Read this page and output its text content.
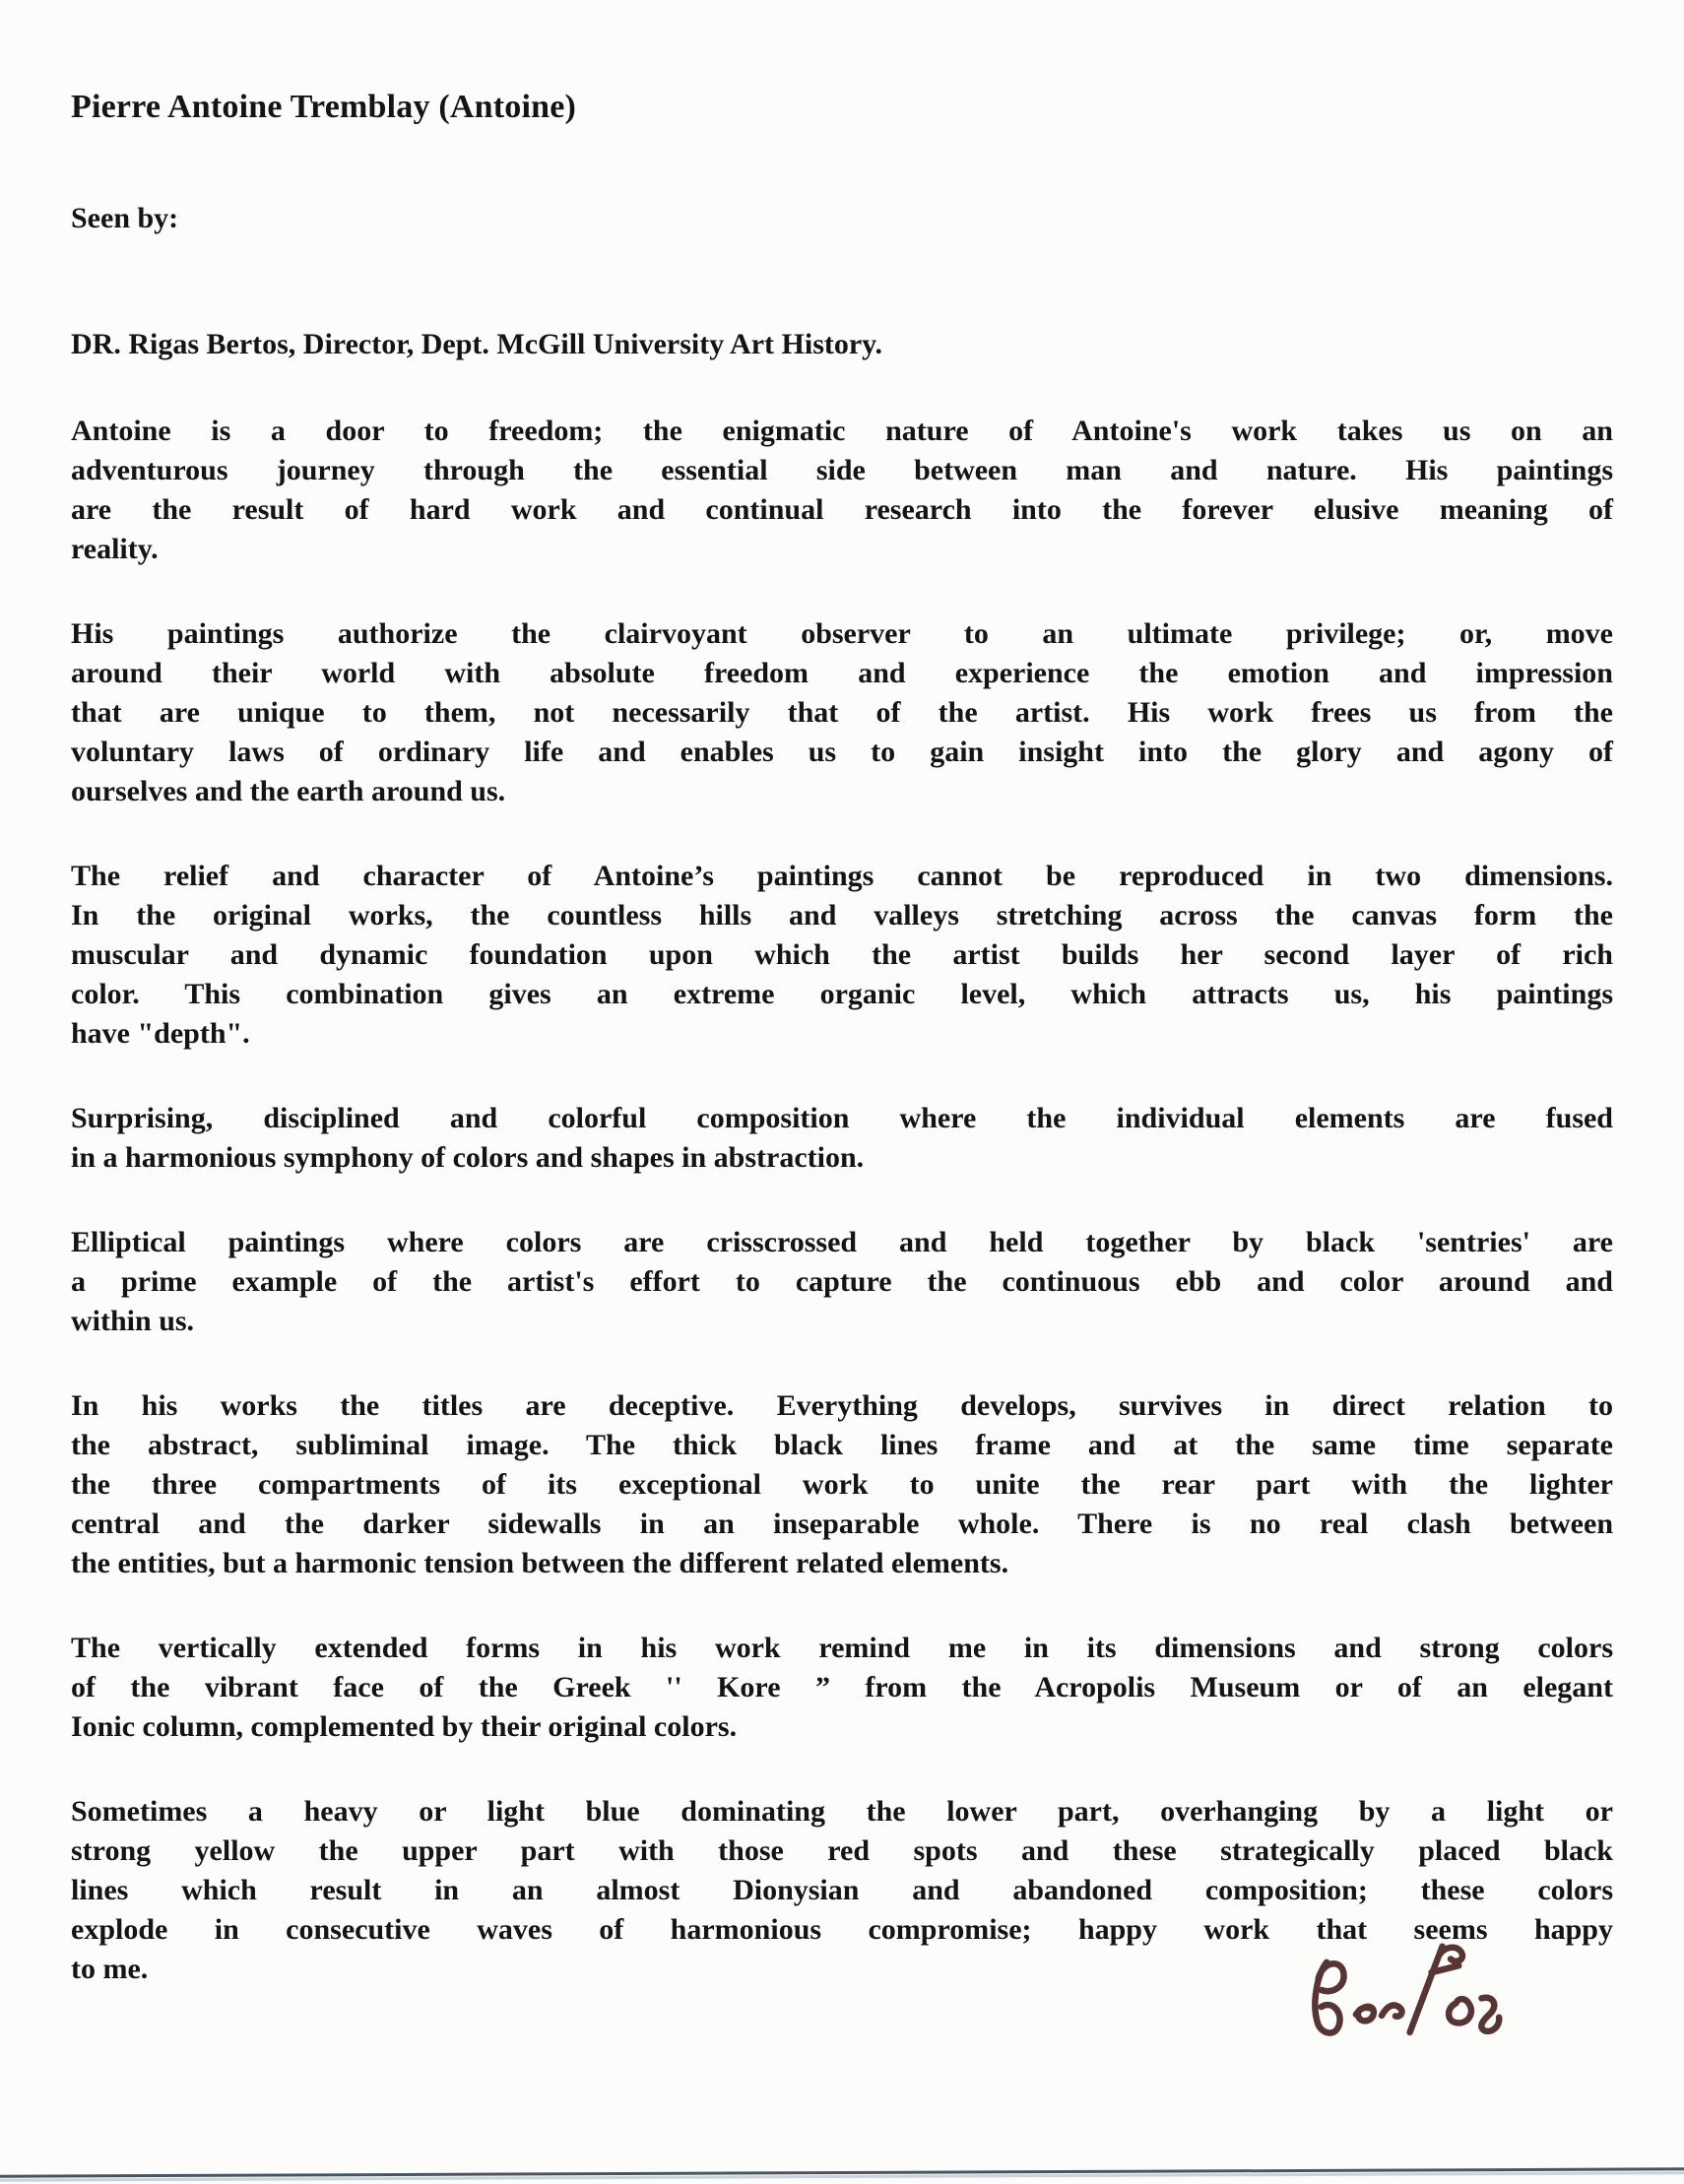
Pierre Antoine Tremblay (Antoine)

Seen by:

DR. Rigas Bertos, Director, Dept. McGill University Art History.

Antoine is a door to freedom; the enigmatic nature of Antoine's work takes us on an
adventurous journey through the essential side between man and nature. His paintings
are the result of hard work and continual research into the forever elusive meaning of
reality.
His paintings authorize the clairvoyant observer to an ultimate privilege; or, move
around their world with absolute freedom and experience the emotion and impression
that are unique to them, not necessarily that of the artist. His work frees us from the
voluntary laws of ordinary life and enables us to gain insight into the glory and agony of
ourselves and the earth around us.
The relief and character of Antoine’s paintings cannot be reproduced in two dimensions.
In the original works, the countless hills and valleys stretching across the canvas form the
muscular and dynamic foundation upon which the artist builds her second layer of rich
color. This combination gives an extreme organic level, which attracts us, his paintings
have "depth".
Surprising, disciplined and colorful composition where the individual elements are fused
in a harmonious symphony of colors and shapes in abstraction.
Elliptical paintings where colors are crisscrossed and held together by black 'sentries' are
a prime example of the artist's effort to capture the continuous ebb and color around and
within us.
In his works the titles are deceptive. Everything develops, survives in direct relation to
the abstract, subliminal image. The thick black lines frame and at the same time separate
the three compartments of its exceptional work to unite the rear part with the lighter
central and the darker sidewalls in an inseparable whole. There is no real clash between
the entities, but a harmonic tension between the different related elements.
The vertically extended forms in his work remind me in its dimensions and strong colors
of the vibrant face of the Greek '' Kore ” from the Acropolis Museum or of an elegant
Ionic column, complemented by their original colors.
Sometimes a heavy or light blue dominating the lower part, overhanging by a light or
strong yellow the upper part with those red spots and these strategically placed black
lines which result in an almost Dionysian and abandoned composition; these colors
explode in consecutive waves of harmonious compromise; happy work that seems happy
to me.
